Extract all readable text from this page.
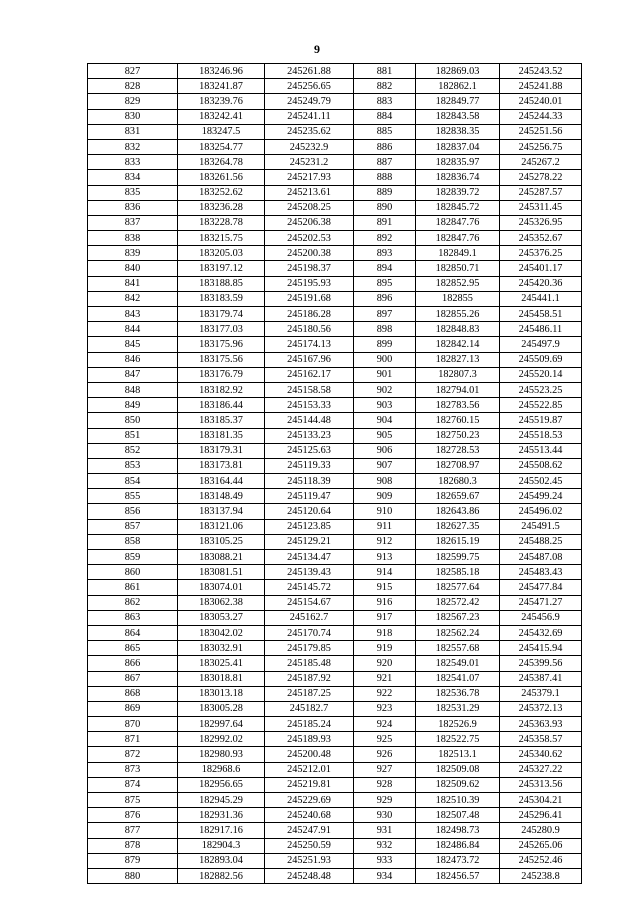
9
827	183246.96	245261.88	881	182869.03	245243.52
828	183241.87	245256.65	882	182862.1	245241.88
829	183239.76	245249.79	883	182849.77	245240.01
830	183242.41	245241.11	884	182843.58	245244.33
831	183247.5	245235.62	885	182838.35	245251.56
832	183254.77	245232.9	886	182837.04	245256.75
833	183264.78	245231.2	887	182835.97	245267.2
834	183261.56	245217.93	888	182836.74	245278.22
835	183252.62	245213.61	889	182839.72	245287.57
836	183236.28	245208.25	890	182845.72	245311.45
837	183228.78	245206.38	891	182847.76	245326.95
838	183215.75	245202.53	892	182847.76	245352.67
839	183205.03	245200.38	893	182849.1	245376.25
840	183197.12	245198.37	894	182850.71	245401.17
841	183188.85	245195.93	895	182852.95	245420.36
842	183183.59	245191.68	896	182855	245441.1
843	183179.74	245186.28	897	182855.26	245458.51
844	183177.03	245180.56	898	182848.83	245486.11
845	183175.96	245174.13	899	182842.14	245497.9
846	183175.56	245167.96	900	182827.13	245509.69
847	183176.79	245162.17	901	182807.3	245520.14
848	183182.92	245158.58	902	182794.01	245523.25
849	183186.44	245153.33	903	182783.56	245522.85
850	183185.37	245144.48	904	182760.15	245519.87
851	183181.35	245133.23	905	182750.23	245518.53
852	183179.31	245125.63	906	182728.53	245513.44
853	183173.81	245119.33	907	182708.97	245508.62
854	183164.44	245118.39	908	182680.3	245502.45
855	183148.49	245119.47	909	182659.67	245499.24
856	183137.94	245120.64	910	182643.86	245496.02
857	183121.06	245123.85	911	182627.35	245491.5
858	183105.25	245129.21	912	182615.19	245488.25
859	183088.21	245134.47	913	182599.75	245487.08
860	183081.51	245139.43	914	182585.18	245483.43
861	183074.01	245145.72	915	182577.64	245477.84
862	183062.38	245154.67	916	182572.42	245471.27
863	183053.27	245162.7	917	182567.23	245456.9
864	183042.02	245170.74	918	182562.24	245432.69
865	183032.91	245179.85	919	182557.68	245415.94
866	183025.41	245185.48	920	182549.01	245399.56
867	183018.81	245187.92	921	182541.07	245387.41
868	183013.18	245187.25	922	182536.78	245379.1
869	183005.28	245182.7	923	182531.29	245372.13
870	182997.64	245185.24	924	182526.9	245363.93
871	182992.02	245189.93	925	182522.75	245358.57
872	182980.93	245200.48	926	182513.1	245340.62
873	182968.6	245212.01	927	182509.08	245327.22
874	182956.65	245219.81	928	182509.62	245313.56
875	182945.29	245229.69	929	182510.39	245304.21
876	182931.36	245240.68	930	182507.48	245296.41
877	182917.16	245247.91	931	182498.73	245280.9
878	182904.3	245250.59	932	182486.84	245265.06
879	182893.04	245251.93	933	182473.72	245252.46
880	182882.56	245248.48	934	182456.57	245238.8
